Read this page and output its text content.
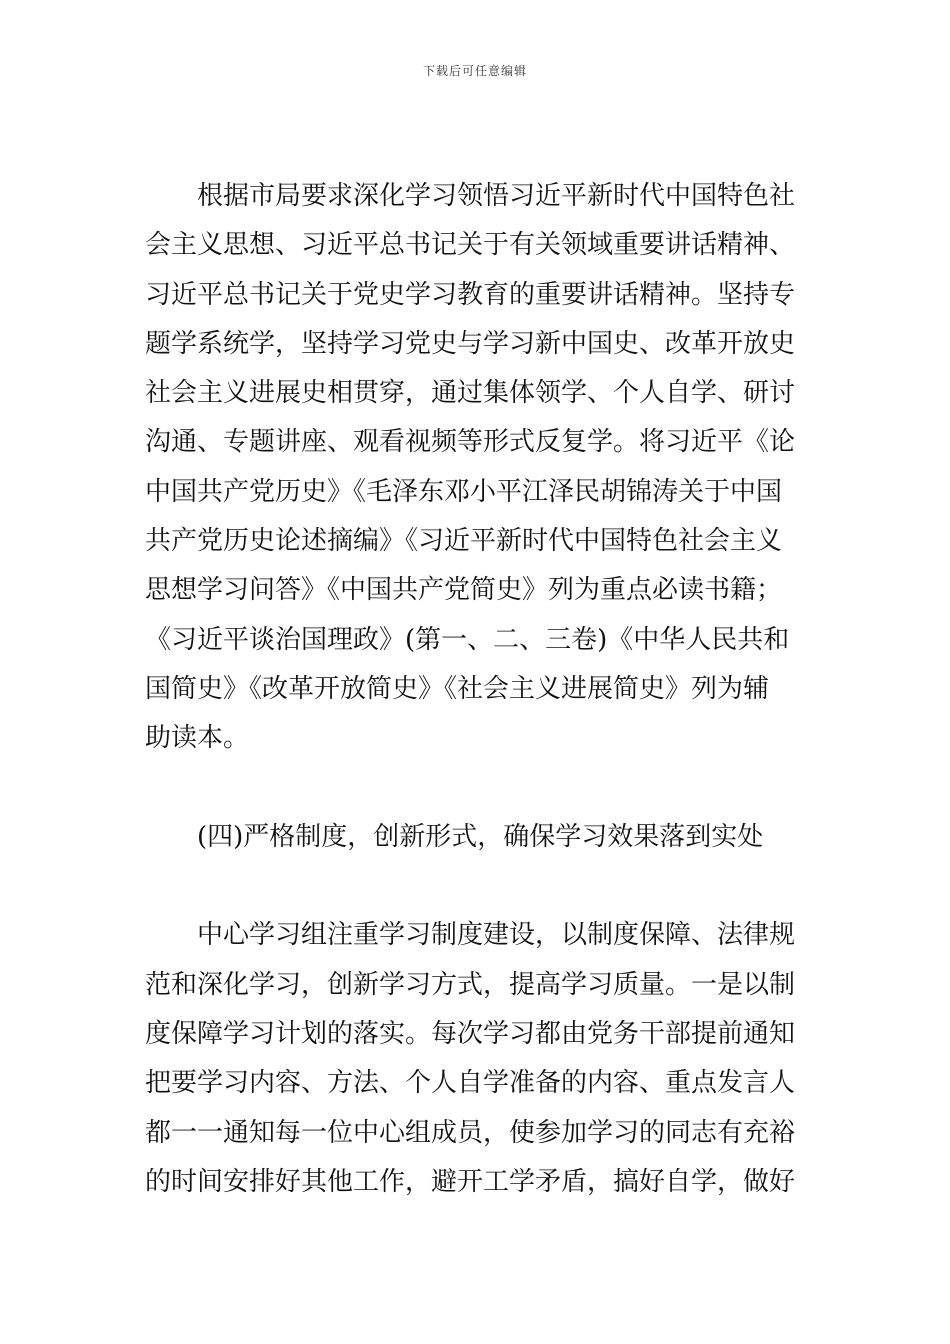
下载后可任意编辑
根据市局要求深化学习领悟习近平新时代中国特色社
会主义思想、习近平总书记关于有关领域重要讲话精神、
习近平总书记关于党史学习教育的重要讲话精神。坚持专
题学系统学，坚持学习党史与学习新中国史、改革开放史
社会主义进展史相贯穿，通过集体领学、个人自学、研讨
沟通、专题讲座、观看视频等形式反复学。将习近平《论
中国共产党历史》《毛泽东邓小平江泽民胡锦涛关于中国
共产党历史论述摘编》《习近平新时代中国特色社会主义
思想学习问答》《中国共产党简史》列为重点必读书籍；
《习近平谈治国理政》(第一、二、三卷)《中华人民共和
国简史》《改革开放简史》《社会主义进展简史》列为辅
助读本。
(四)严格制度，创新形式，确保学习效果落到实处
中心学习组注重学习制度建设，以制度保障、法律规
范和深化学习，创新学习方式，提高学习质量。一是以制
度保障学习计划的落实。每次学习都由党务干部提前通知
把要学习内容、方法、个人自学准备的内容、重点发言人
都一一通知每一位中心组成员，使参加学习的同志有充裕
的时间安排好其他工作，避开工学矛盾，搞好自学，做好
